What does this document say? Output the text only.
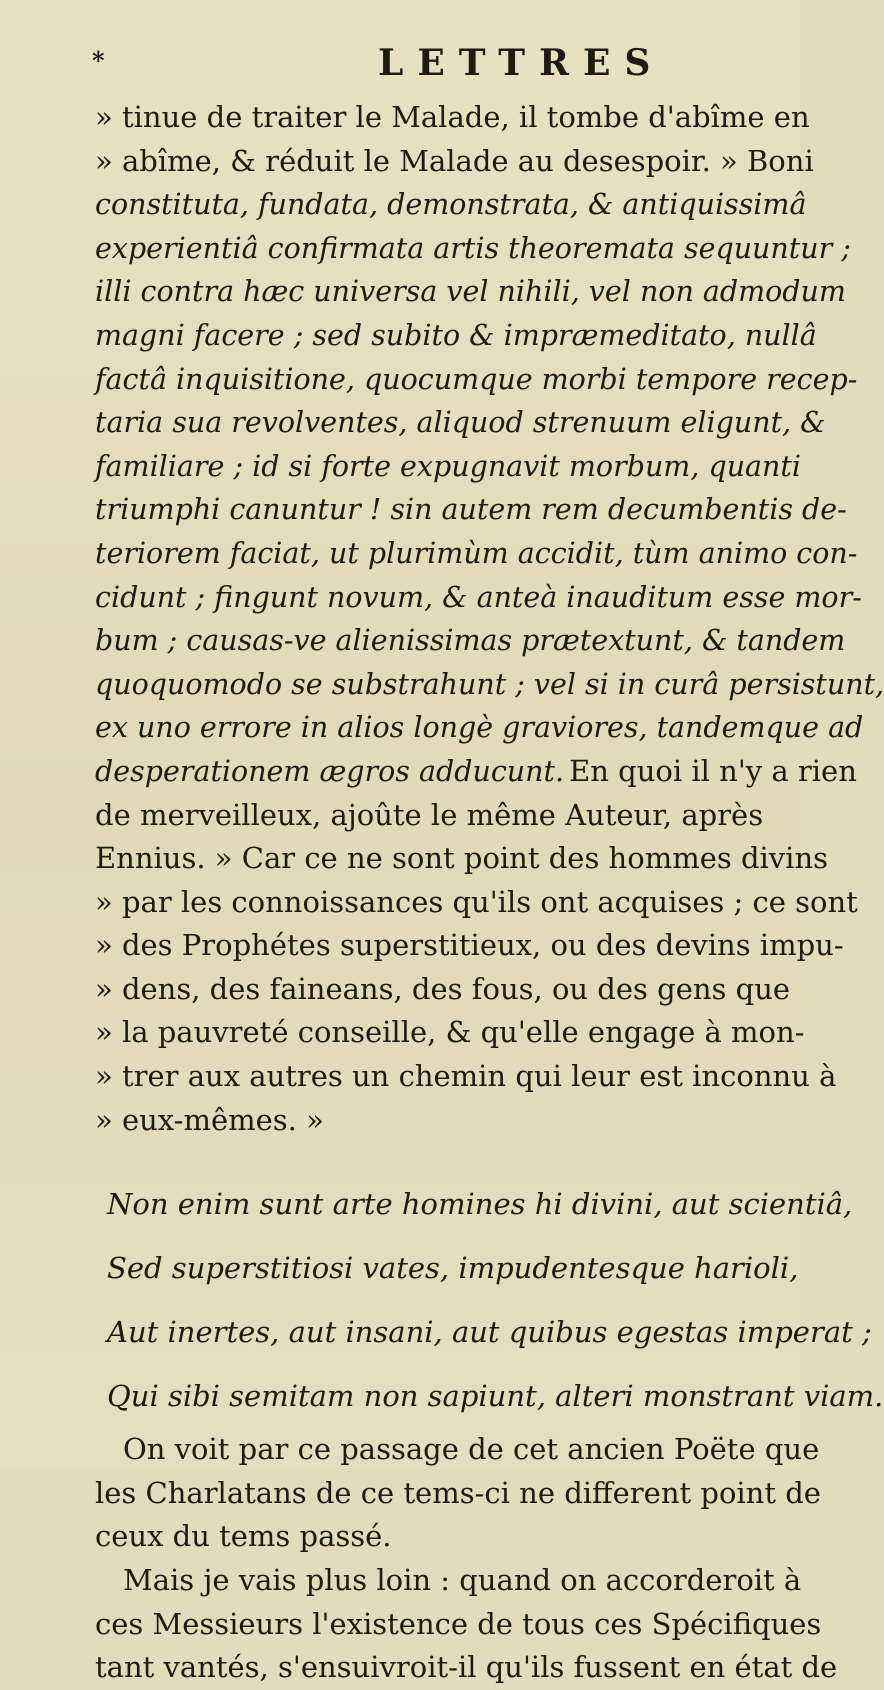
*	LETTRES
» tinue de traiter le Malade, il tombe d'abîme en
» abîme, & réduit le Malade au desespoir. » Boni
constituta, fundata, demonstrata, & antiquissimâ
experientiâ confirmata artis theoremata sequuntur ;
illi contra hæc universa vel nihili, vel non admodum
magni facere ; sed subito & impræmeditato, nullâ
factâ inquisitione, quocumque morbi tempore recep-
taria sua revolventes, aliquod strenuum eligunt, &
familiare ; id si forte expugnavit morbum, quanti
triumphi canuntur ! sin autem rem decumbentis de-
teriorem faciat, ut plurimùm accidit, tùm animo con-
cidunt ; fingunt novum, & anteà inauditum esse mor-
bum ; causas-ve alienissimas prætextunt, & tandem
quoquomodo se substrahunt ; vel si in curâ persistunt,
ex uno errore in alios longè graviores, tandemque ad
desperationem ægros adducunt. En quoi il n'y a rien
de merveilleux, ajoûte le même Auteur, après
Ennius. » Car ce ne sont point des hommes divins
» par les connoissances qu'ils ont acquises ; ce sont
» des Prophétes superstitieux, ou des devins impu-
» dens, des faineans, des fous, ou des gens que
» la pauvreté conseille, & qu'elle engage à mon-
» trer aux autres un chemin qui leur est inconnu à
» eux-mêmes. »
Non enim sunt arte homines hi divini, aut scientiâ,
Sed superstitiosi vates, impudentesque harioli,
Aut inertes, aut insani, aut quibus egestas imperat ;
Qui sibi semitam non sapiunt, alteri monstrant viam.
On voit par ce passage de cet ancien Poëte que
les Charlatans de ce tems-ci ne different point de
ceux du tems passé.
Mais je vais plus loin : quand on accorderoit à
ces Messieurs l'existence de tous ces Spécifiques
tant vantés, s'ensuivroit-il qu'ils fussent en état de
